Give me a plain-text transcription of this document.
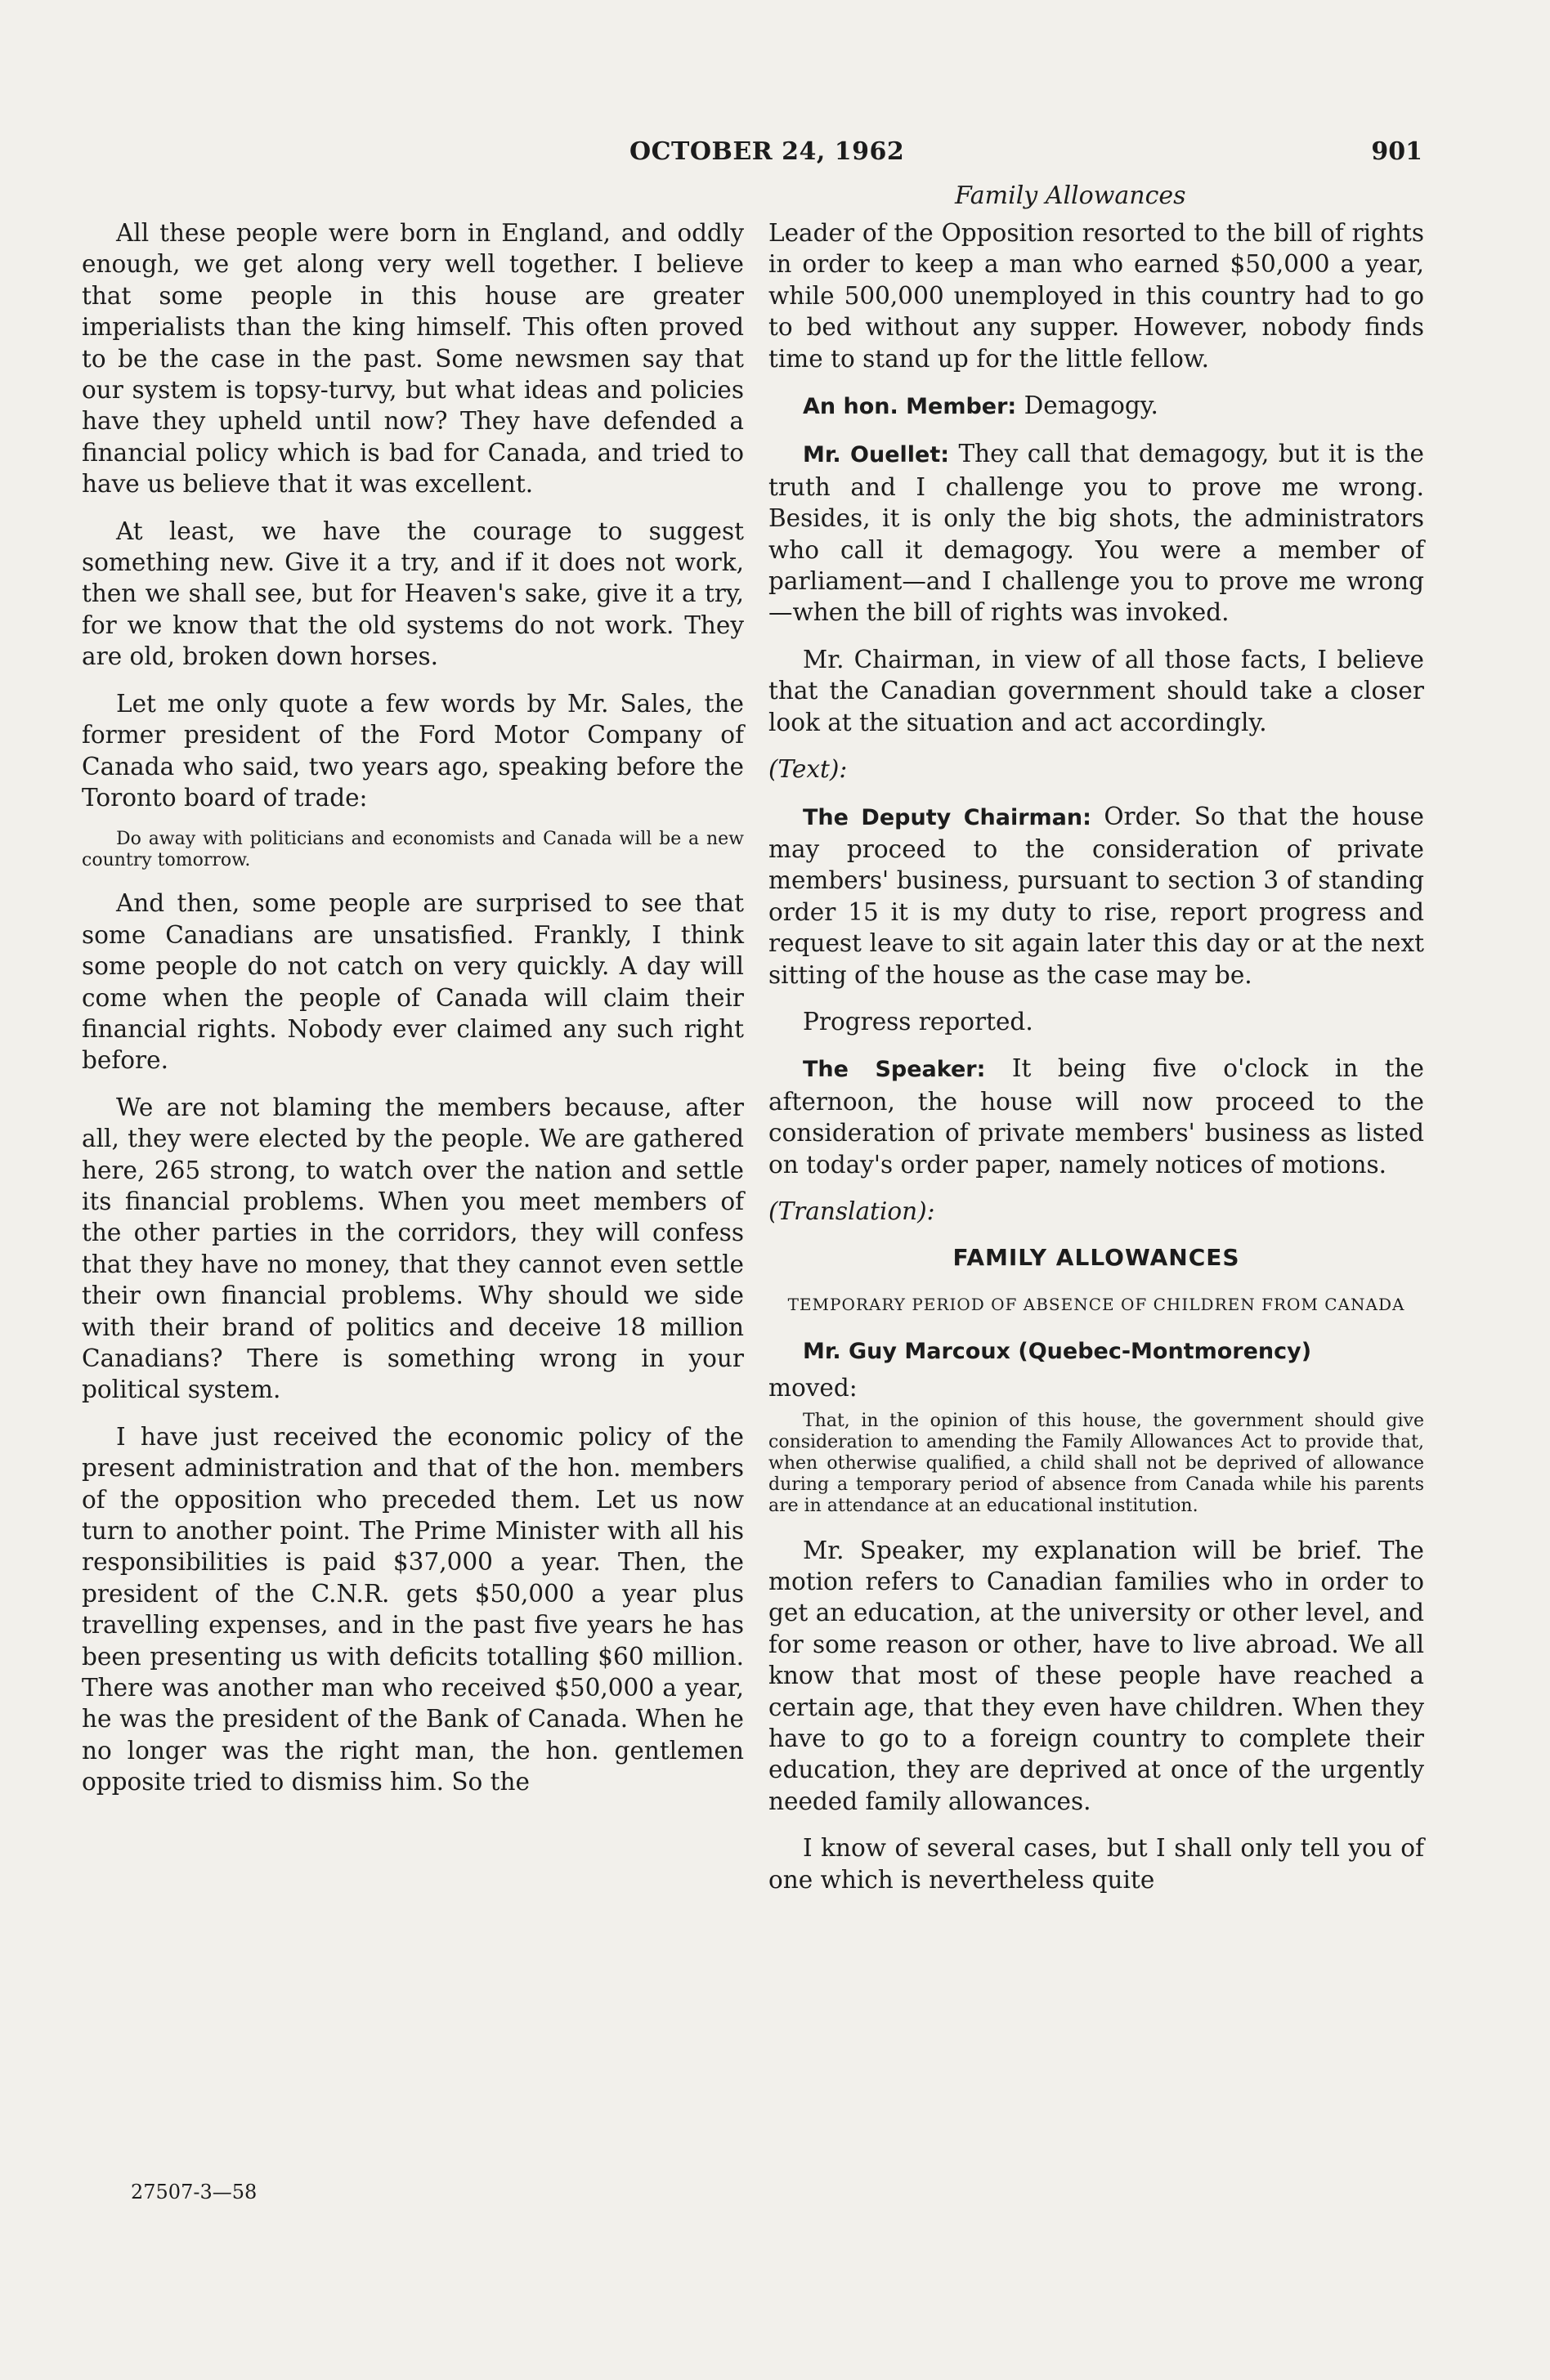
OCTOBER 24, 1962	901
Family Allowances

All these people were born in England, and oddly enough, we get along very well together. I believe that some people in this house are greater imperialists than the king himself. This often proved to be the case in the past. Some newsmen say that our system is topsy-turvy, but what ideas and policies have they upheld until now? They have defended a financial policy which is bad for Canada, and tried to have us believe that it was excellent.

At least, we have the courage to suggest something new. Give it a try, and if it does not work, then we shall see, but for Heaven's sake, give it a try, for we know that the old systems do not work. They are old, broken down horses.

Let me only quote a few words by Mr. Sales, the former president of the Ford Motor Company of Canada who said, two years ago, speaking before the Toronto board of trade:

Do away with politicians and economists and Canada will be a new country tomorrow.

And then, some people are surprised to see that some Canadians are unsatisfied. Frankly, I think some people do not catch on very quickly. A day will come when the people of Canada will claim their financial rights. Nobody ever claimed any such right before.

We are not blaming the members because, after all, they were elected by the people. We are gathered here, 265 strong, to watch over the nation and settle its financial problems. When you meet members of the other parties in the corridors, they will confess that they have no money, that they cannot even settle their own financial problems. Why should we side with their brand of politics and deceive 18 million Canadians? There is something wrong in your political system.

I have just received the economic policy of the present administration and that of the hon. members of the opposition who preceded them. Let us now turn to another point. The Prime Minister with all his responsibilities is paid $37,000 a year. Then, the president of the C.N.R. gets $50,000 a year plus travelling expenses, and in the past five years he has been presenting us with deficits totalling $60 million. There was another man who received $50,000 a year, he was the president of the Bank of Canada. When he no longer was the right man, the hon. gentlemen opposite tried to dismiss him. So the

Leader of the Opposition resorted to the bill of rights in order to keep a man who earned $50,000 a year, while 500,000 unemployed in this country had to go to bed without any supper. However, nobody finds time to stand up for the little fellow.

An hon. Member: Demagogy.

Mr. Ouellet: They call that demagogy, but it is the truth and I challenge you to prove me wrong. Besides, it is only the big shots, the administrators who call it demagogy. You were a member of parliament—and I challenge you to prove me wrong—when the bill of rights was invoked.

Mr. Chairman, in view of all those facts, I believe that the Canadian government should take a closer look at the situation and act accordingly.

(Text):

The Deputy Chairman: Order. So that the house may proceed to the consideration of private members' business, pursuant to section 3 of standing order 15 it is my duty to rise, report progress and request leave to sit again later this day or at the next sitting of the house as the case may be.

Progress reported.

The Speaker: It being five o'clock in the afternoon, the house will now proceed to the consideration of private members' business as listed on today's order paper, namely notices of motions.

(Translation):

FAMILY ALLOWANCES

TEMPORARY PERIOD OF ABSENCE OF CHILDREN FROM CANADA

Mr. Guy Marcoux (Quebec-Montmorency)

moved:

That, in the opinion of this house, the government should give consideration to amending the Family Allowances Act to provide that, when otherwise qualified, a child shall not be deprived of allowance during a temporary period of absence from Canada while his parents are in attendance at an educational institution.

Mr. Speaker, my explanation will be brief. The motion refers to Canadian families who in order to get an education, at the university or other level, and for some reason or other, have to live abroad. We all know that most of these people have reached a certain age, that they even have children. When they have to go to a foreign country to complete their education, they are deprived at once of the urgently needed family allowances.

I know of several cases, but I shall only tell you of one which is nevertheless quite

27507-3—58
